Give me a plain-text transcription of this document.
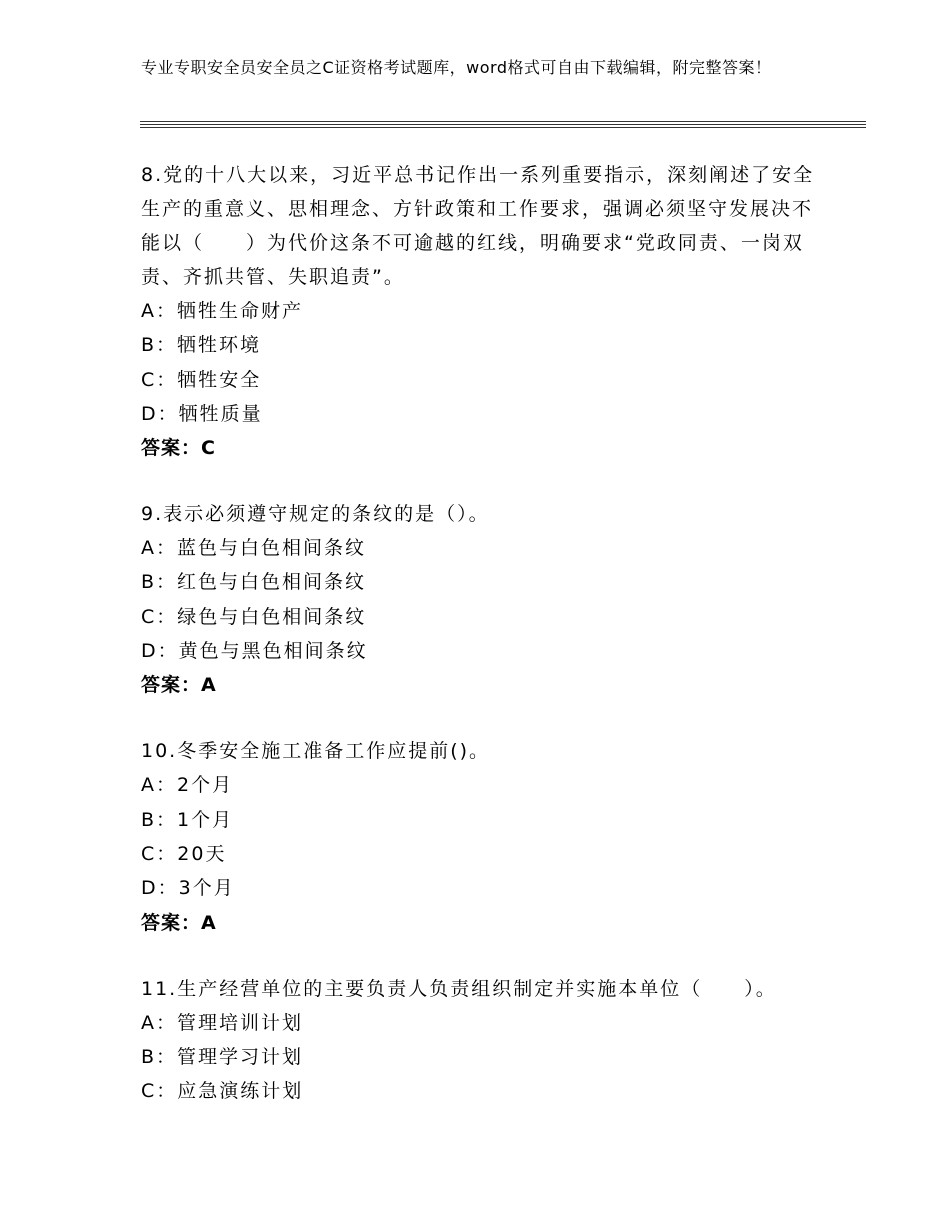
专业专职安全员安全员之C证资格考试题库，word格式可自由下载编辑，附完整答案！

8.党的十八大以来，习近平总书记作出一系列重要指示，深刻阐述了安全生产的重意义、思相理念、方针政策和工作要求，强调必须坚守发展决不能以（　　）为代价这条不可逾越的红线，明确要求“党政同责、一岗双责、齐抓共管、失职追责”。

A：牺牲生命财产
B：牺牲环境
C：牺牲安全
D：牺牲质量
答案：C

9.表示必须遵守规定的条纹的是（）。

A：蓝色与白色相间条纹
B：红色与白色相间条纹
C：绿色与白色相间条纹
D：黄色与黑色相间条纹
答案：A

10.冬季安全施工准备工作应提前()。

A：2个月
B：1个月
C：20天
D：3个月
答案：A

11.生产经营单位的主要负责人负责组织制定并实施本单位（　　）。

A：管理培训计划
B：管理学习计划
C：应急演练计划
